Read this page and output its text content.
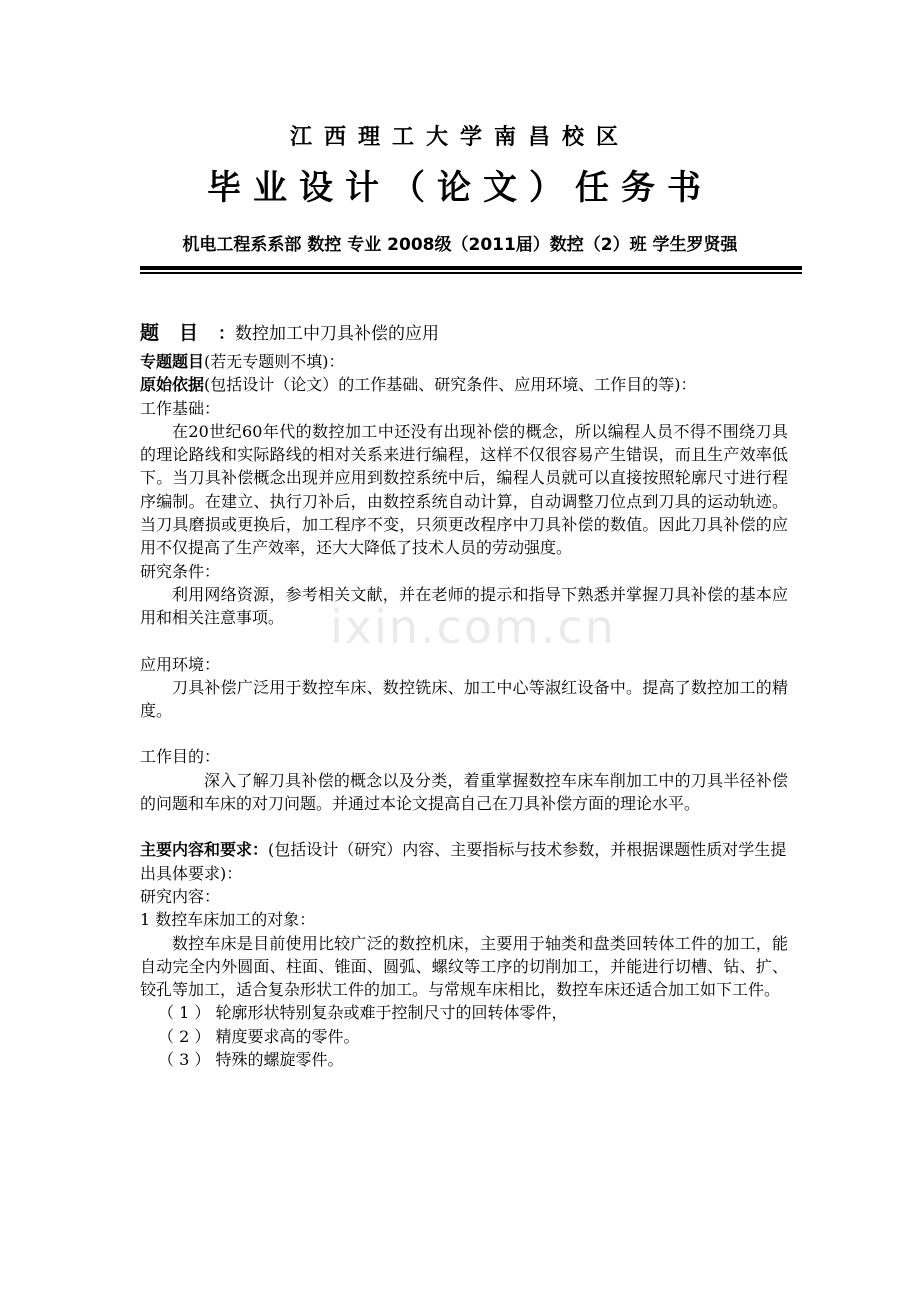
江西理工大学南昌校区
毕业设计（论文）任务书
机电工程系系部 数控 专业 2008级（2011届）数控（2）班 学生罗贤强
题目：数控加工中刀具补偿的应用

专题题目(若无专题则不填)：

原始依据(包括设计（论文）的工作基础、研究条件、应用环境、工作目的等)：

工作基础：

在20世纪60年代的数控加工中还没有出现补偿的概念，所以编程人员不得不围绕刀具的理论路线和实际路线的相对关系来进行编程，这样不仅很容易产生错误，而且生产效率低下。当刀具补偿概念出现并应用到数控系统中后，编程人员就可以直接按照轮廓尺寸进行程序编制。在建立、执行刀补后，由数控系统自动计算，自动调整刀位点到刀具的运动轨迹。当刀具磨损或更换后，加工程序不变，只须更改程序中刀具补偿的数值。因此刀具补偿的应用不仅提高了生产效率，还大大降低了技术人员的劳动强度。

研究条件：

利用网络资源，参考相关文献，并在老师的提示和指导下熟悉并掌握刀具补偿的基本应用和相关注意事项。

应用环境：

刀具补偿广泛用于数控车床、数控铣床、加工中心等淑红设备中。提高了数控加工的精度。

工作目的：

深入了解刀具补偿的概念以及分类，着重掌握数控车床车削加工中的刀具半径补偿的问题和车床的对刀问题。并通过本论文提高自己在刀具补偿方面的理论水平。

主要内容和要求：(包括设计（研究）内容、主要指标与技术参数，并根据课题性质对学生提出具体要求)：

研究内容：

1 数控车床加工的对象：

数控车床是目前使用比较广泛的数控机床，主要用于轴类和盘类回转体工件的加工，能自动完全内外圆面、柱面、锥面、圆弧、螺纹等工序的切削加工，并能进行切槽、钻、扩、铰孔等加工，适合复杂形状工件的加工。与常规车床相比，数控车床还适合加工如下工件。

（ 1 ） 轮廓形状特别复杂或难于控制尺寸的回转体零件，

（ 2 ） 精度要求高的零件。

（ 3 ） 特殊的螺旋零件。

ixin.com.cn
